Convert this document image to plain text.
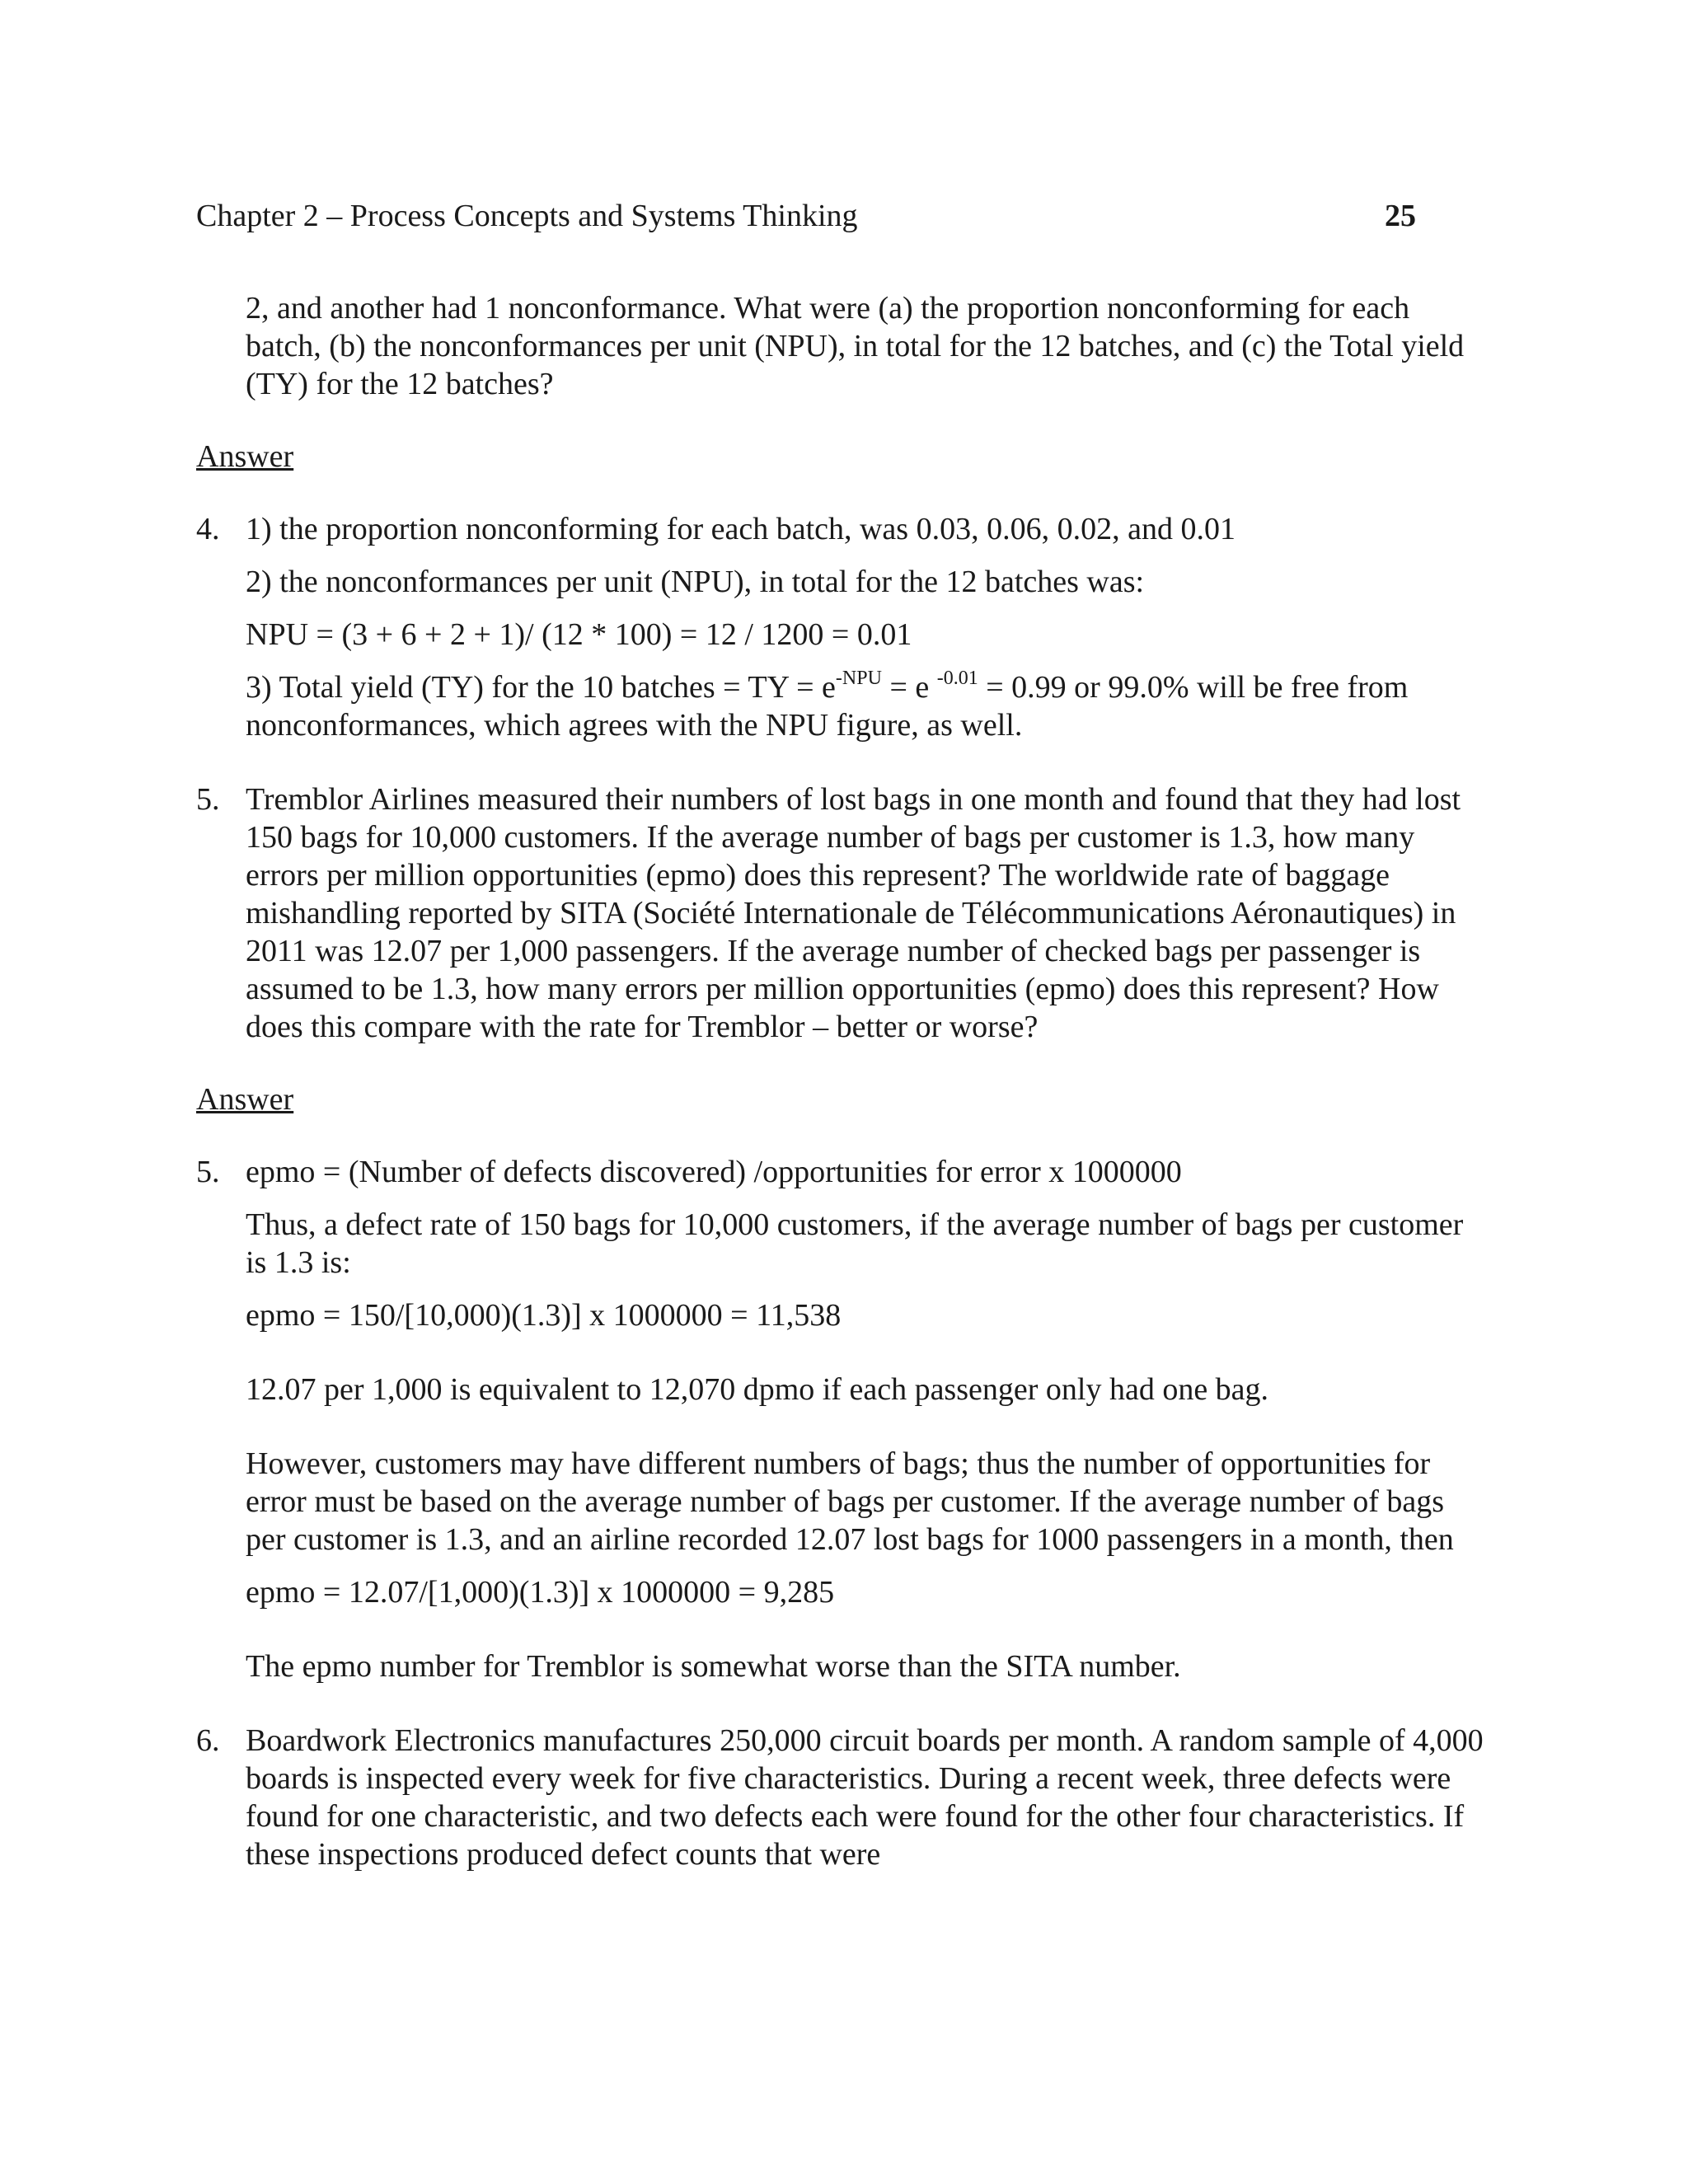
Chapter 2 – Process Concepts and Systems Thinking	25

2, and another had 1 nonconformance. What were (a) the proportion nonconforming for each batch, (b) the nonconformances per unit (NPU), in total for the 12 batches, and (c) the Total yield (TY) for the 12 batches?

Answer

4. 1) the proportion nonconforming for each batch, was 0.03, 0.06, 0.02, and 0.01

2) the nonconformances per unit (NPU), in total for the 12 batches was:

NPU = (3 + 6 + 2 + 1)/ (12 * 100) = 12 / 1200 = 0.01

3) Total yield (TY) for the 10 batches = TY = $e^{-NPU} = e$ $^{-0.01}$ = 0.99 or 99.0% will be free from nonconformances, which agrees with the NPU figure, as well.

5. Tremblor Airlines measured their numbers of lost bags in one month and found that they had lost 150 bags for 10,000 customers. If the average number of bags per customer is 1.3, how many errors per million opportunities (epmo) does this represent? The worldwide rate of baggage mishandling reported by SITA (Société Internationale de Télécommunications Aéronautiques) in 2011 was 12.07 per 1,000 passengers. If the average number of checked bags per passenger is assumed to be 1.3, how many errors per million opportunities (epmo) does this represent? How does this compare with the rate for Tremblor – better or worse?

Answer

5. epmo = (Number of defects discovered) /opportunities for error x 1000000

Thus, a defect rate of 150 bags for 10,000 customers, if the average number of bags per customer is 1.3 is:

epmo = 150/[10,000)(1.3)] x 1000000 = 11,538

12.07 per 1,000 is equivalent to 12,070 dpmo if each passenger only had one bag.

However, customers may have different numbers of bags; thus the number of opportunities for error must be based on the average number of bags per customer. If the average number of bags per customer is 1.3, and an airline recorded 12.07 lost bags for 1000 passengers in a month, then

epmo = 12.07/[1,000)(1.3)] x 1000000 = 9,285

The epmo number for Tremblor is somewhat worse than the SITA number.

6. Boardwork Electronics manufactures 250,000 circuit boards per month. A random sample of 4,000 boards is inspected every week for five characteristics. During a recent week, three defects were found for one characteristic, and two defects each were found for the other four characteristics. If these inspections produced defect counts that were
